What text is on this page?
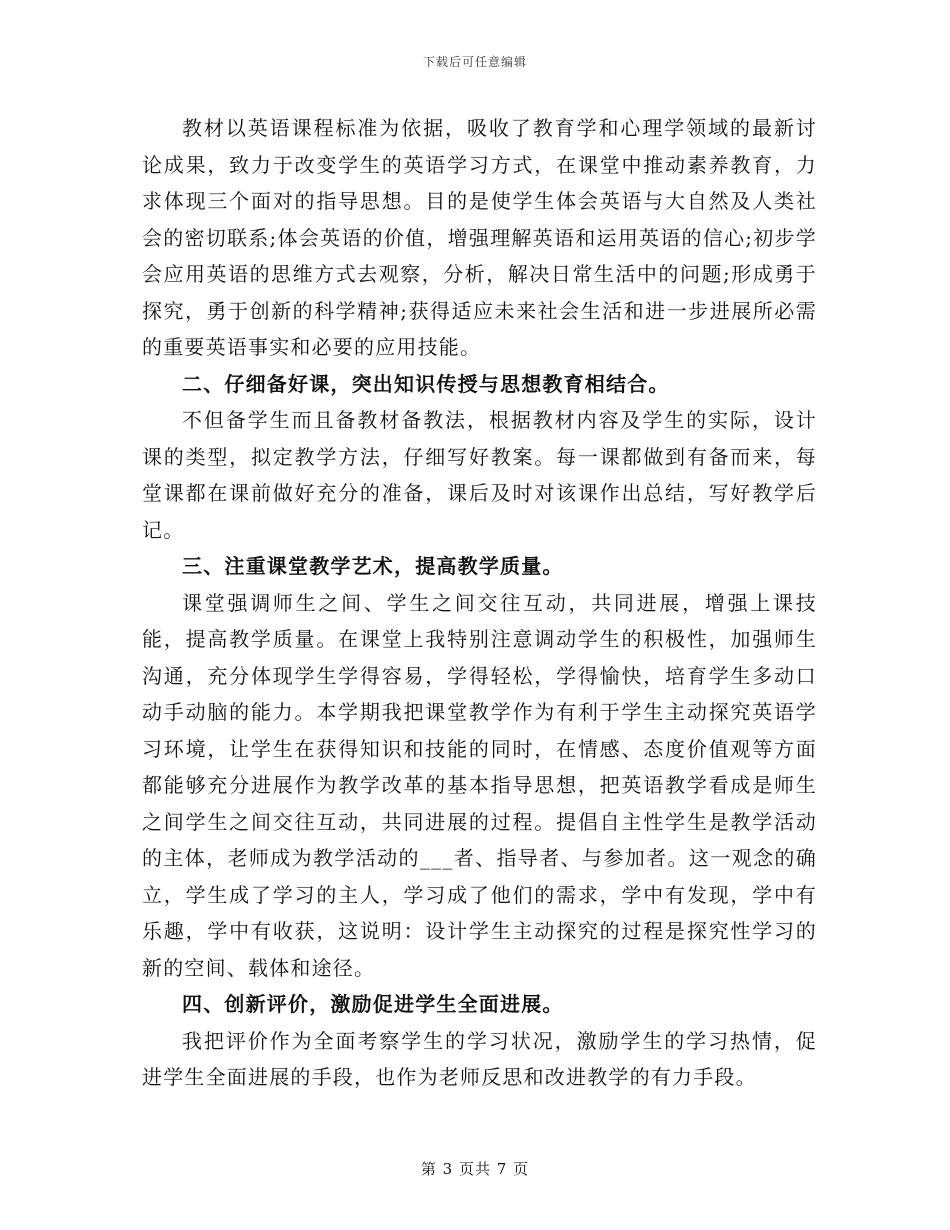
下载后可任意编辑

教材以英语课程标准为依据，吸收了教育学和心理学领域的最新讨论成果，致力于改变学生的英语学习方式，在课堂中推动素养教育，力求体现三个面对的指导思想。目的是使学生体会英语与大自然及人类社会的密切联系;体会英语的价值，增强理解英语和运用英语的信心;初步学会应用英语的思维方式去观察，分析，解决日常生活中的问题;形成勇于探究，勇于创新的科学精神;获得适应未来社会生活和进一步进展所必需的重要英语事实和必要的应用技能。

二、仔细备好课，突出知识传授与思想教育相结合。

不但备学生而且备教材备教法，根据教材内容及学生的实际，设计课的类型，拟定教学方法，仔细写好教案。每一课都做到有备而来，每堂课都在课前做好充分的准备，课后及时对该课作出总结，写好教学后记。

三、注重课堂教学艺术，提高教学质量。

课堂强调师生之间、学生之间交往互动，共同进展，增强上课技能，提高教学质量。在课堂上我特别注意调动学生的积极性，加强师生沟通，充分体现学生学得容易，学得轻松，学得愉快，培育学生多动口动手动脑的能力。本学期我把课堂教学作为有利于学生主动探究英语学习环境，让学生在获得知识和技能的同时，在情感、态度价值观等方面都能够充分进展作为教学改革的基本指导思想，把英语教学看成是师生之间学生之间交往互动，共同进展的过程。提倡自主性学生是教学活动的主体，老师成为教学活动的___者、指导者、与参加者。这一观念的确立，学生成了学习的主人，学习成了他们的需求，学中有发现，学中有乐趣，学中有收获，这说明：设计学生主动探究的过程是探究性学习的新的空间、载体和途径。

四、创新评价，激励促进学生全面进展。

我把评价作为全面考察学生的学习状况，激励学生的学习热情，促进学生全面进展的手段，也作为老师反思和改进教学的有力手段。

第 3 页共 7 页
